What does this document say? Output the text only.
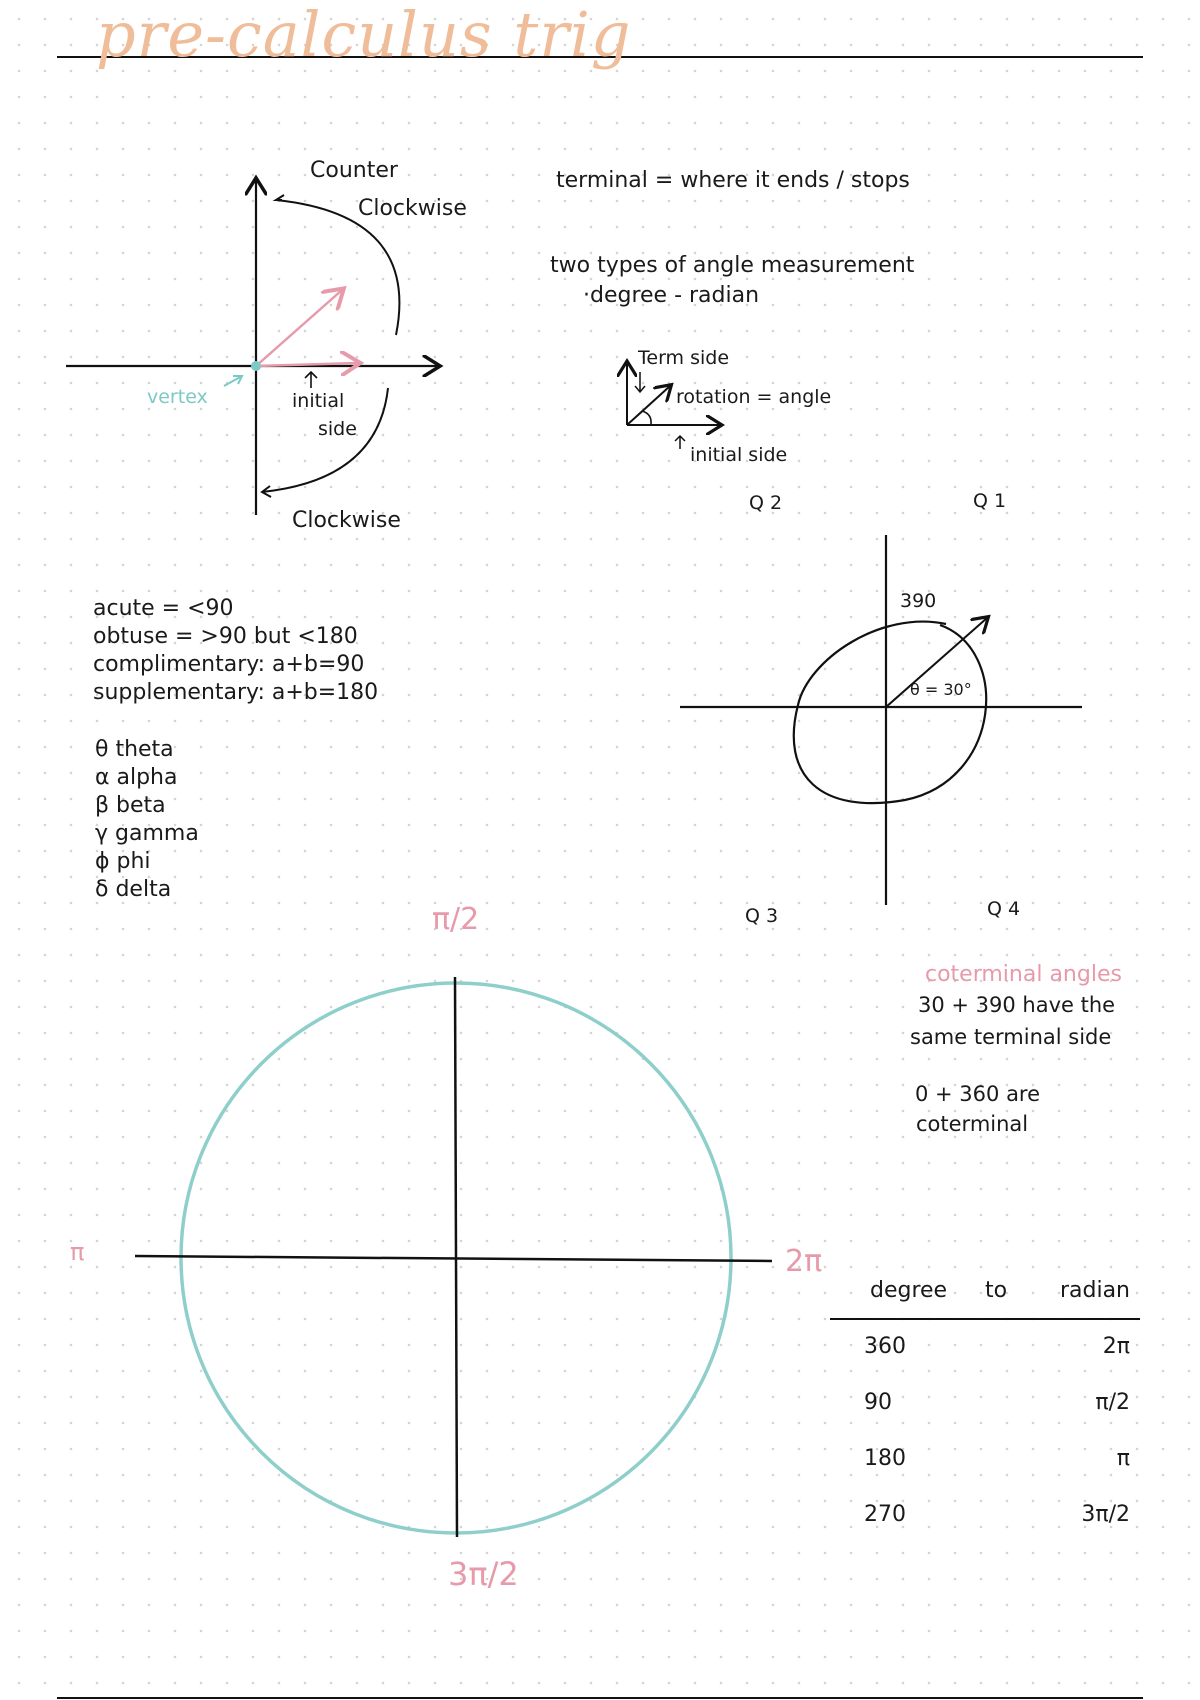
pre-calculus trig

Counter

Clockwise

vertex	initial

side

Clockwise

terminal = where it ends / stops

two types of angle measurement

·degree - radian

Term side

rotation = angle

initial side

Q 2	Q 1

Q 3	Q 4

390

θ = 30°

acute = <90
obtuse = >90 but <180
complimentary: a+b=90
supplementary: a+b=180
θ theta
α alpha
β beta
γ gamma
ϕ phi
δ delta

π/2

π	2π

3π/2

coterminal angles

30 + 390 have the

same terminal side

0 + 360 are

coterminal

degree to radian
360	2π
90	π/2
180	π
270	3π/2
